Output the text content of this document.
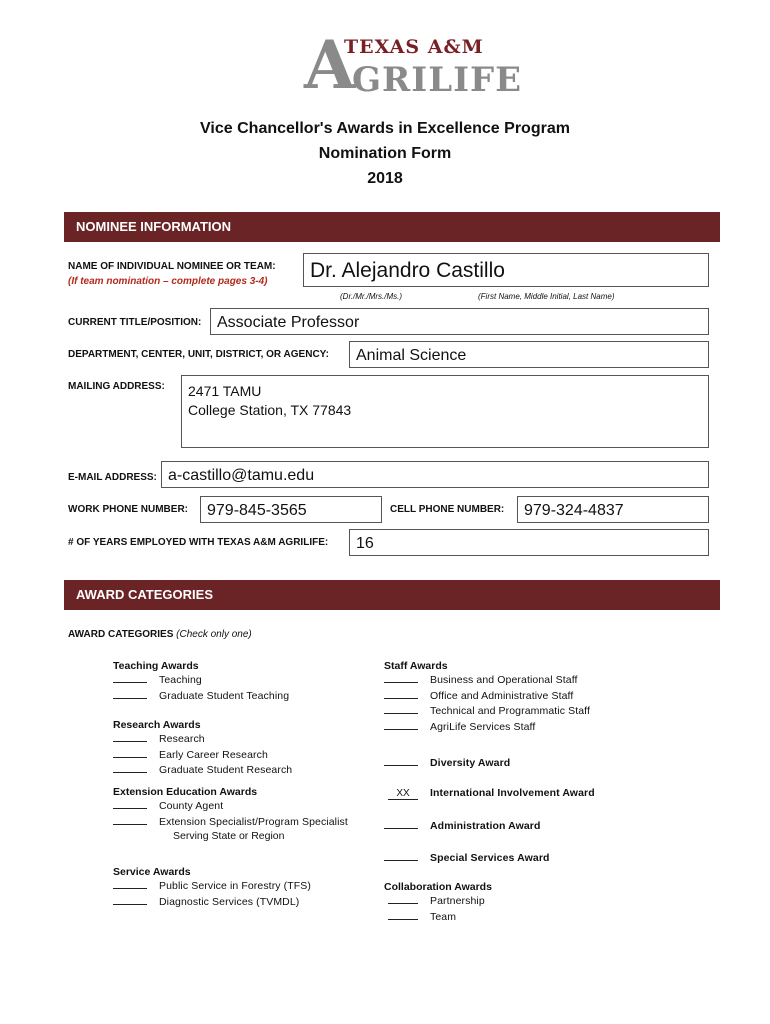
A
TEXAS A&M
GRILIFE
Vice Chancellor's Awards in Excellence Program
Nomination Form
2018
NOMINEE INFORMATION
NAME OF INDIVIDUAL NOMINEE OR TEAM:
(If team nomination – complete pages 3-4)	Dr. Alejandro Castillo
(Dr./Mr./Mrs./Ms.)	(First Name, Middle Initial, Last Name)
CURRENT TITLE/POSITION: Associate Professor
DEPARTMENT, CENTER, UNIT, DISTRICT, OR AGENCY:	Animal Science
MAILING ADDRESS: 2471 TAMU
College Station, TX 77843
E-MAIL ADDRESS: a-castillo@tamu.edu
WORK PHONE NUMBER:	979-845-3565	CELL PHONE NUMBER:	979-324-4837
# OF YEARS EMPLOYED WITH TEXAS A&M AGRILIFE:	16
AWARD CATEGORIES
AWARD CATEGORIES (Check only one)
Teaching Awards
Teaching
Graduate Student Teaching
Research Awards
Research
Early Career Research
Graduate Student Research
Extension Education Awards
County Agent
Extension Specialist/Program Specialist
Serving State or Region
Service Awards
Public Service in Forestry (TFS)
Diagnostic Services (TVMDL)
Staff Awards
Business and Operational Staff
Office and Administrative Staff
Technical and Programmatic Staff
AgriLife Services Staff
Diversity Award
XX International Involvement Award
Administration Award
Special Services Award
Collaboration Awards
Partnership
Team
